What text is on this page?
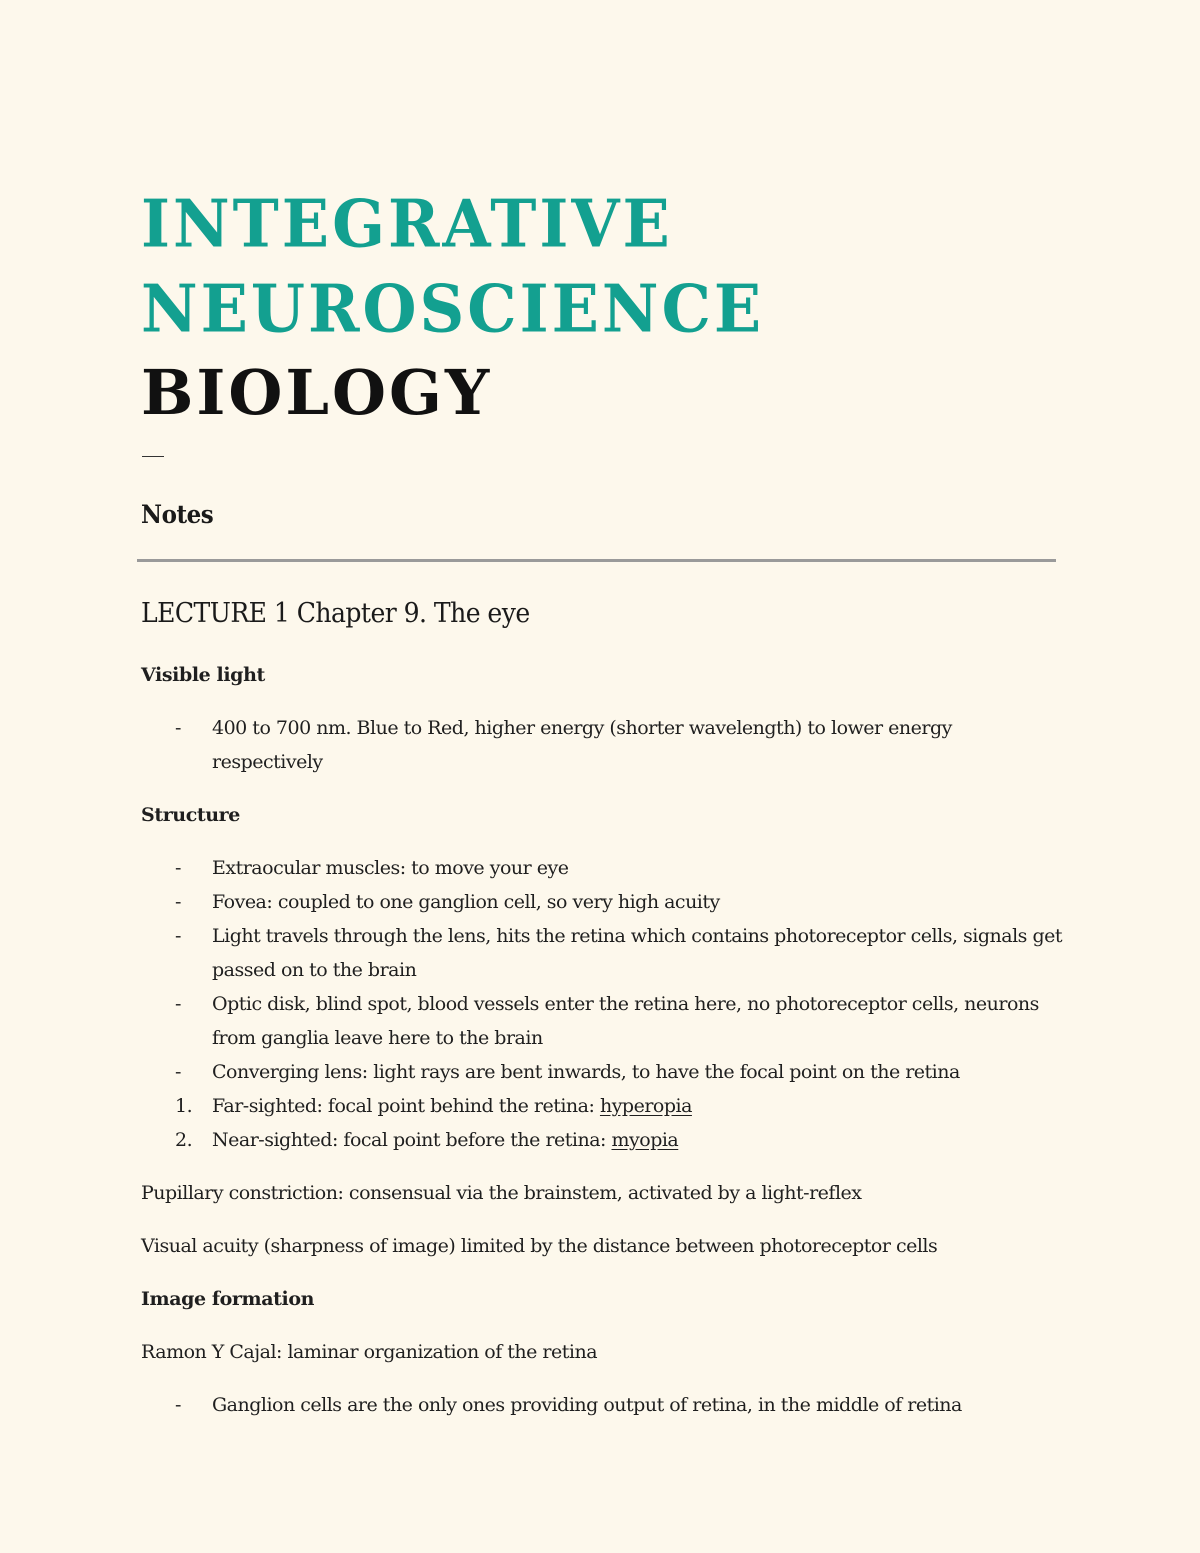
INTEGRATIVE
NEUROSCIENCE
BIOLOGY
Notes
LECTURE 1 Chapter 9. The eye
Visible light
- 400 to 700 nm. Blue to Red, higher energy (shorter wavelength) to lower energy respectively
Structure
- Extraocular muscles: to move your eye
- Fovea: coupled to one ganglion cell, so very high acuity
- Light travels through the lens, hits the retina which contains photoreceptor cells, signals get passed on to the brain
- Optic disk, blind spot, blood vessels enter the retina here, no photoreceptor cells, neurons from ganglia leave here to the brain
- Converging lens: light rays are bent inwards, to have the focal point on the retina
1. Far-sighted: focal point behind the retina: hyperopia
2. Near-sighted: focal point before the retina: myopia

Pupillary constriction: consensual via the brainstem, activated by a light-reflex

Visual acuity (sharpness of image) limited by the distance between photoreceptor cells

Image formation

Ramon Y Cajal: laminar organization of the retina

- Ganglion cells are the only ones providing output of retina, in the middle of retina
